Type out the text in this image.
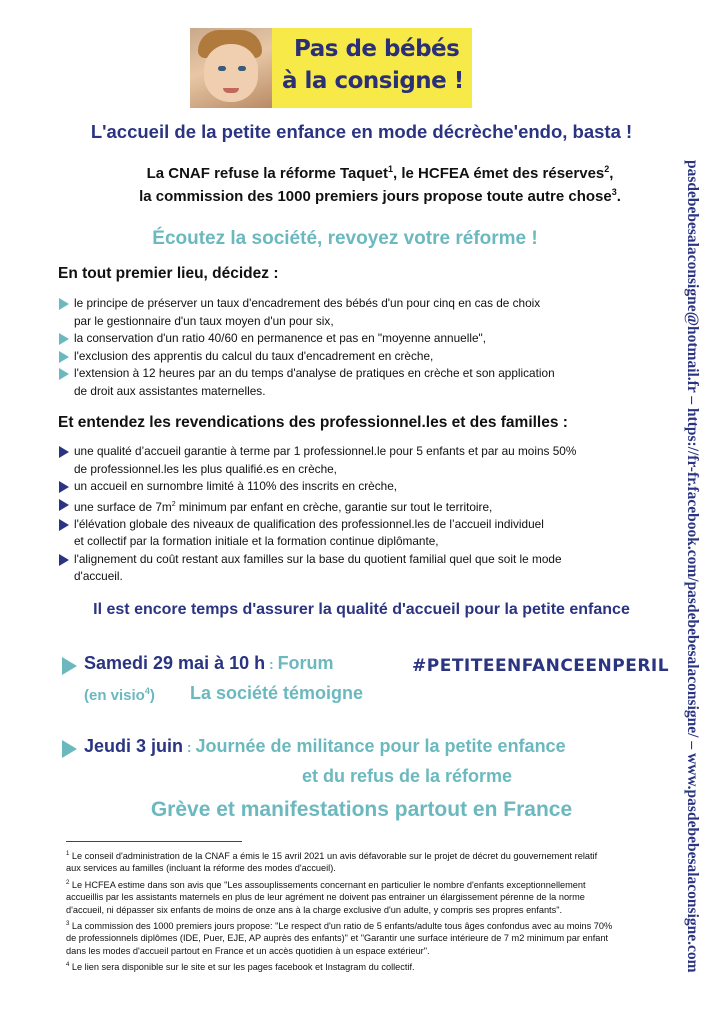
Pas de bébés
à la consigne !
L'accueil de la petite enfance en mode décrèche'endo, basta !
La CNAF refuse la réforme Taquet$^1$, le HCFEA émet des réserves$^2$,
la commission des 1000 premiers jours propose toute autre chose$^3$.
Écoutez la société, revoyez votre réforme !
En tout premier lieu, décidez :
le principe de préserver un taux d'encadrement des bébés d'un pour cinq en cas de choix
par le gestionnaire d'un taux moyen d'un pour six,
la conservation d'un ratio 40/60 en permanence et pas en "moyenne annuelle",
l'exclusion des apprentis du calcul du taux d'encadrement en crèche,
l'extension à 12 heures par an du temps d'analyse de pratiques en crèche et son application
de droit aux assistantes maternelles.
Et entendez les revendications des professionnel.les et des familles :
une qualité d’accueil garantie à terme par 1 professionnel.le pour 5 enfants et par au moins 50%
de professionnel.les les plus qualifié.es en crèche,
un accueil en surnombre limité à 110% des inscrits en crèche,
une surface de $7m^2$ minimum par enfant en crèche, garantie sur tout le territoire,
l'élévation globale des niveaux de qualification des professionnel.les de l’accueil individuel
et collectif par la formation initiale et la formation continue diplômante,
l'alignement du coût restant aux familles sur la base du quotient familial quel que soit le mode
d'accueil.
Il est encore temps d'assurer la qualité d'accueil pour la petite enfance
Samedi 29 mai à 10 h : Forum
(en visio$^4$) La société témoigne
#PETITEENFANCEENPERIL
Jeudi 3 juin : Journée de militance pour la petite enfance
et du refus de la réforme
Grève et manifestations partout en France
$^1$ Le conseil d'administration de la CNAF a émis le 15 avril 2021 un avis défavorable sur le projet de décret du gouvernement relatif
aux services au familles (incluant la réforme des modes d'accueil).
$^2$ Le HCFEA estime dans son avis que "Les assouplissements concernant en particulier le nombre d'enfants exceptionnellement
accueillis par les assistants maternels en plus de leur agrément ne doivent pas entrainer un élargissement pérenne de la norme
d'accueil, ni dépasser six enfants de moins de onze ans à la charge exclusive d'un adulte, y compris ses propres enfants".
$^3$ La commission des 1000 premiers jours propose: "Le respect d'un ratio de 5 enfants/adulte tous âges confondus avec au moins 70%
de professionnels diplômes (IDE, Puer, EJE, AP auprès des enfants)" et "Garantir une surface intérieure de 7 m2 minimum par enfant
dans les modes d'accueil partout en France et un accès quotidien à un espace extérieur".
$^4$ Le lien sera disponible sur le site et sur les pages facebook et Instagram du collectif.	pasdebebesalaconsigne@hotmail.fr – https://fr-fr.facebook.com/pasdebebesalaconsigne/ – www.pasdebebesalaconsigne.com
